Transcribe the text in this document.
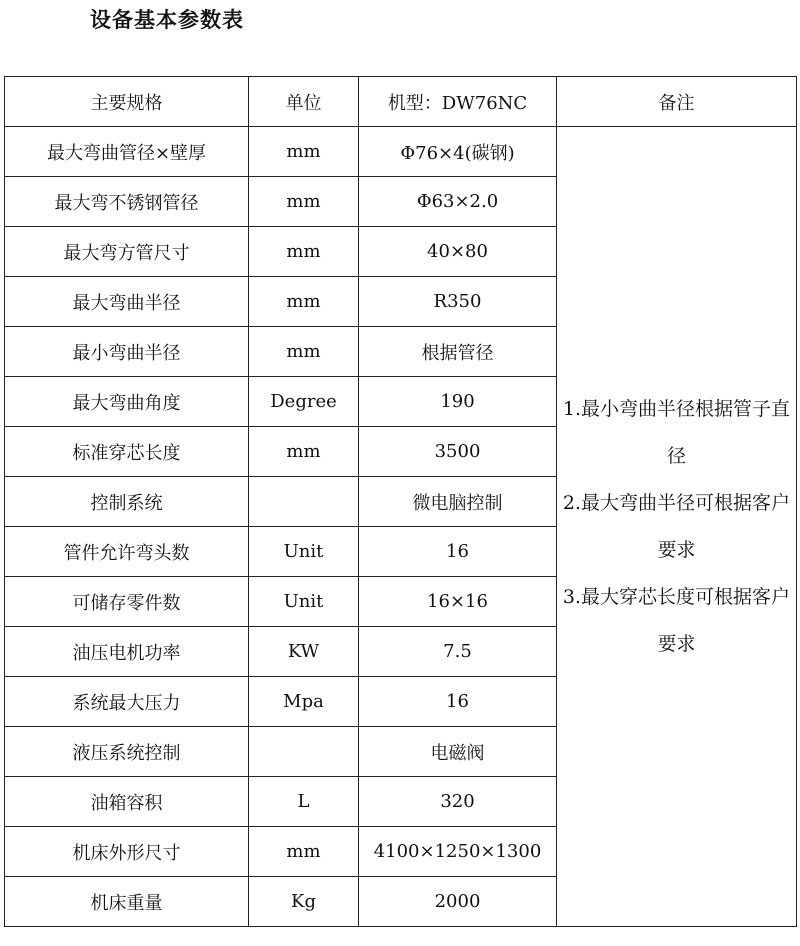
设备基本参数表
主要规格	单位	机型：DW76NC	备注
最大弯曲管径×壁厚	mm	Φ76×4(碳钢)	1.最小弯曲半径根据管子直径
2.最大弯曲半径可根据客户要求
3.最大穿芯长度可根据客户要求

最大弯不锈钢管径	mm	Φ63×2.0	
最大弯方管尺寸	mm	40×80	
最大弯曲半径	mm	R350	
最小弯曲半径	mm	根据管径	
最大弯曲角度	Degree	190	
标准穿芯长度	mm	3500	
控制系统		微电脑控制	
管件允许弯头数	Unit	16	
可储存零件数	Unit	16×16	
油压电机功率	KW	7.5	
系统最大压力	Mpa	16	
液压系统控制		电磁阀	
油箱容积	L	320	
机床外形尺寸	mm	4100×1250×1300	
机床重量	Kg	2000	
